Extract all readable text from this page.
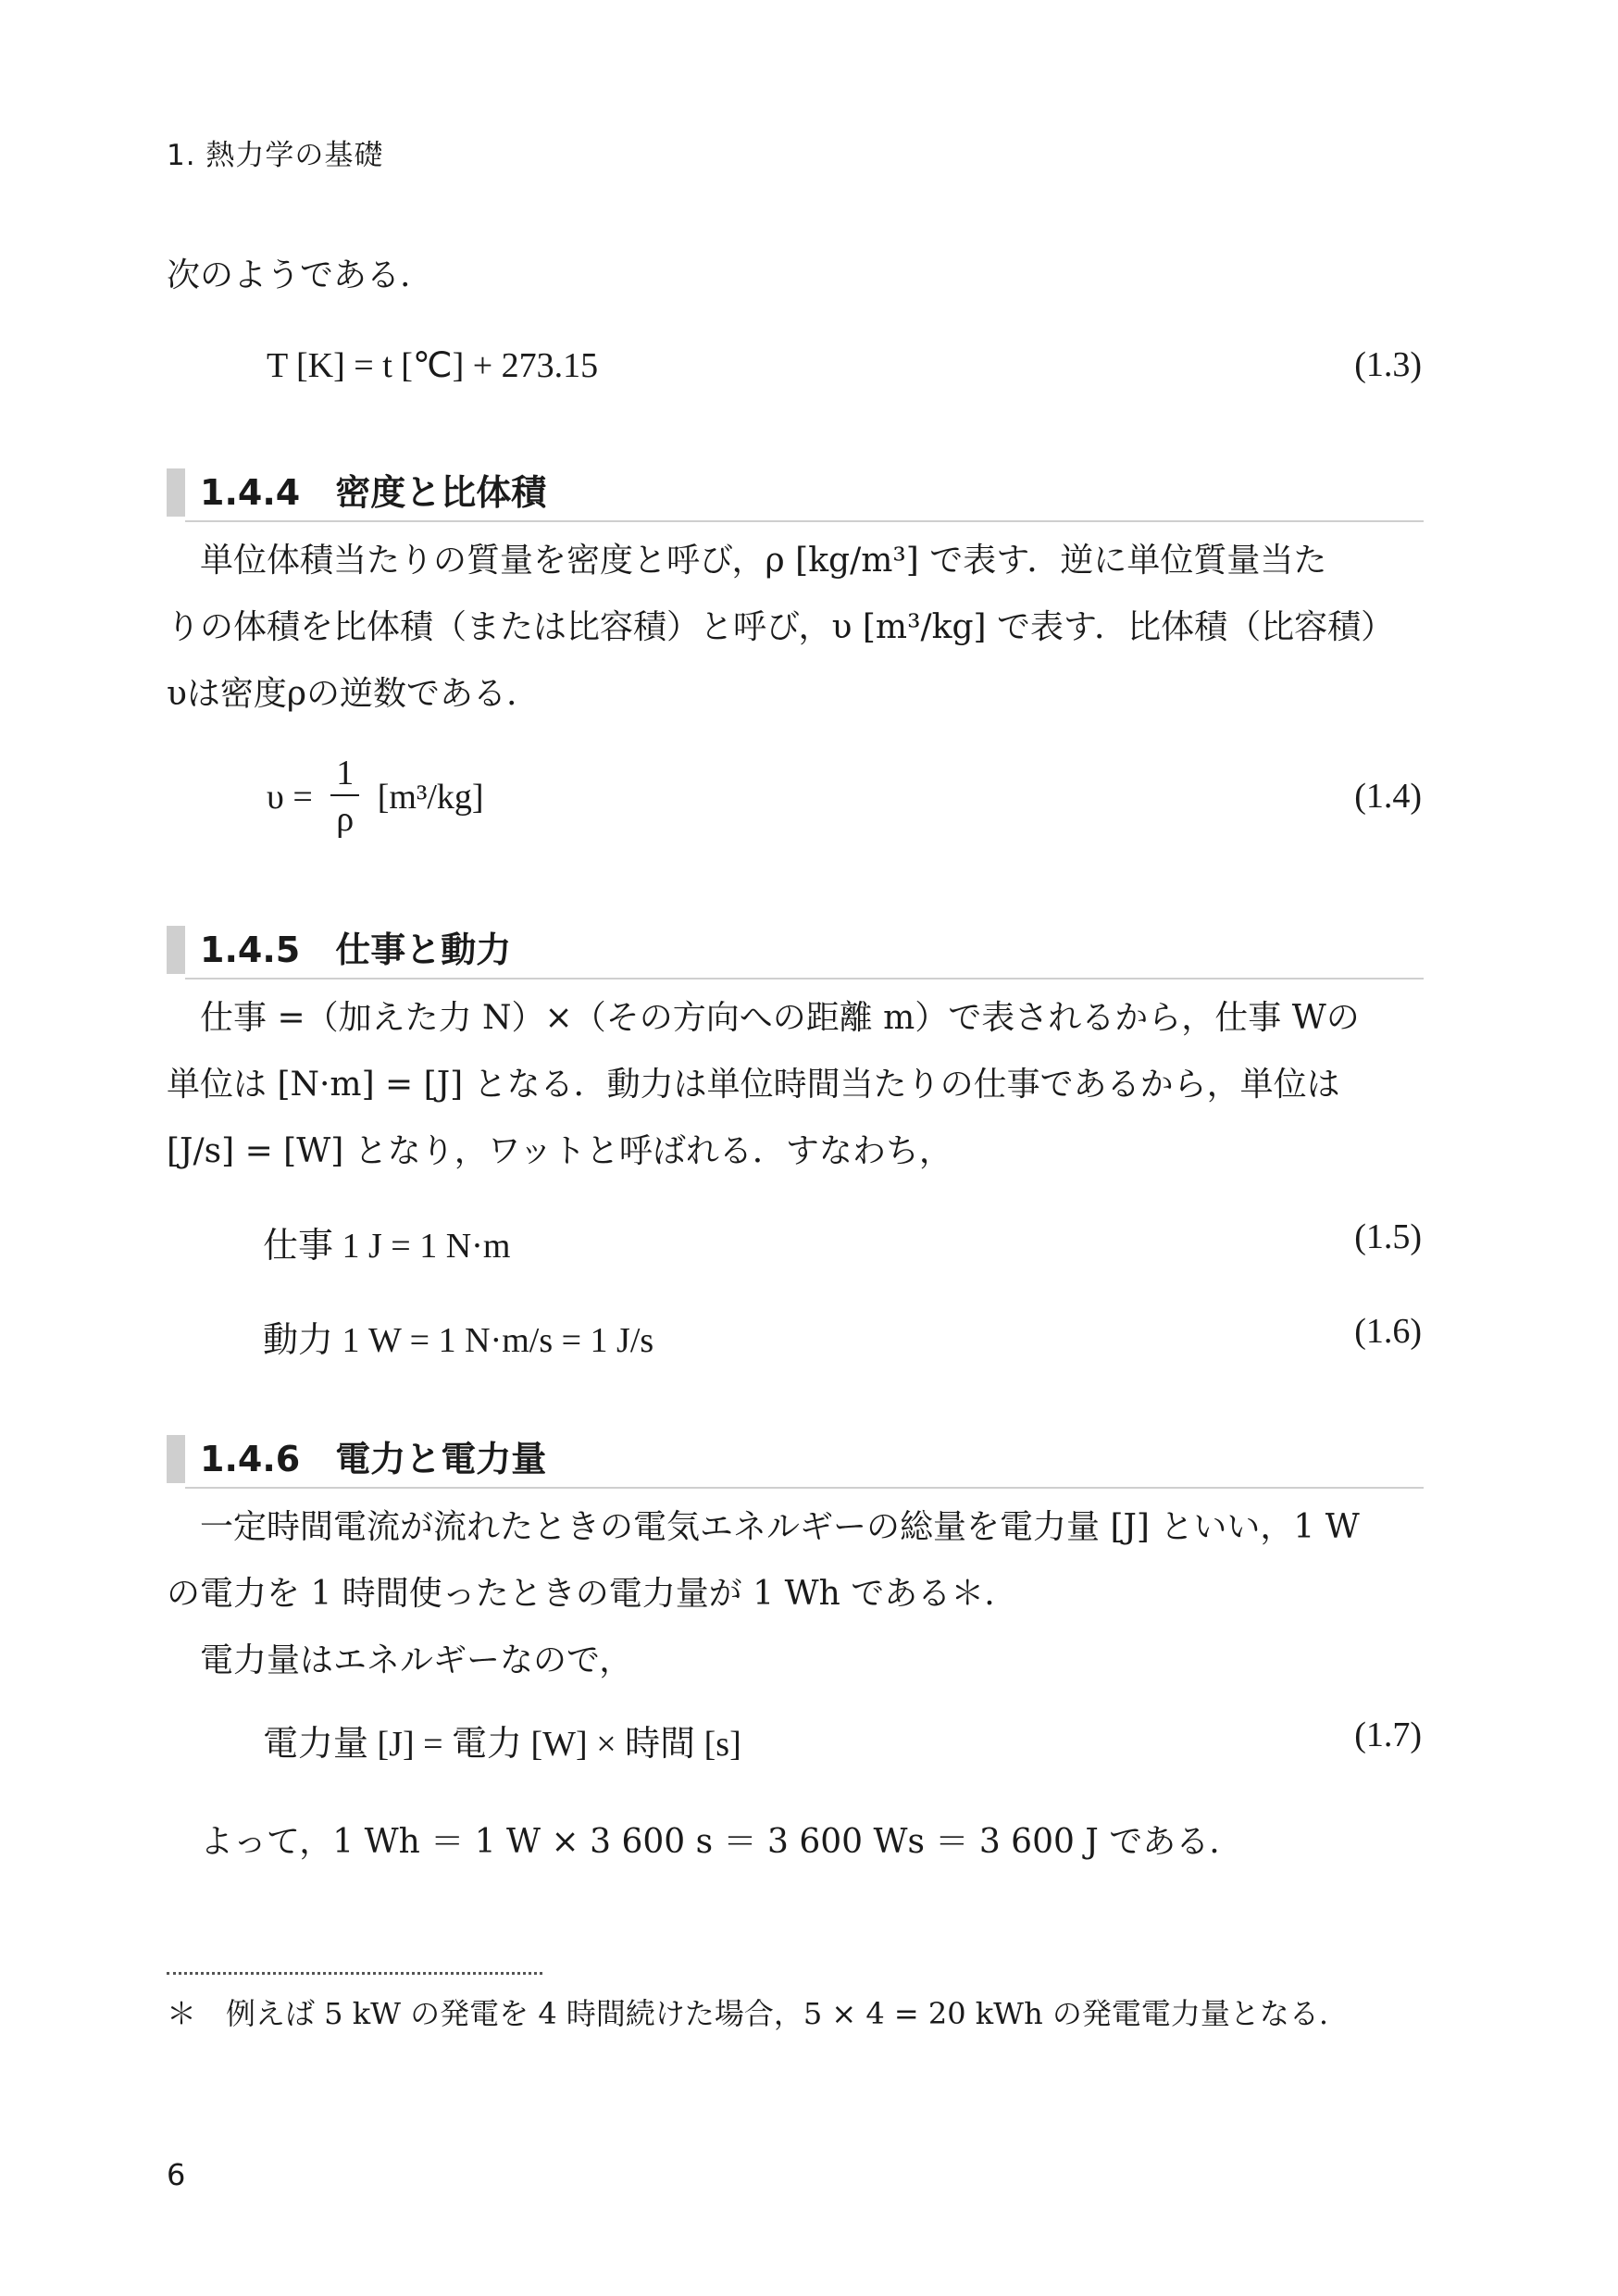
1. 熱力学の基礎
次のようである.
T [K] = t [℃] + 273.15	(1.3)
1.4.4　密度と比体積
　単位体積当たりの質量を密度と呼び，ρ [kg/m³] で表す．逆に単位質量当た
りの体積を比体積（または比容積）と呼び，υ [m³/kg] で表す．比体積（比容積）
υは密度ρの逆数である.
$\upsilon = \frac{1}{\rho} [m^3/kg]$	(1.4)
1.4.5　仕事と動力
　仕事 =（加えた力 N）×（その方向への距離 m）で表されるから，仕事 Wの
単位は [N·m] = [J] となる．動力は単位時間当たりの仕事であるから，単位は
[J/s] = [W] となり，ワットと呼ばれる．すなわち，
仕事 1 J = 1 N·m	(1.5)
動力 1 W = 1 N·m/s = 1 J/s	(1.6)
1.4.6　電力と電力量
　一定時間電流が流れたときの電気エネルギーの総量を電力量 [J] といい，1 W
の電力を 1 時間使ったときの電力量が 1 Wh である＊.
　電力量はエネルギーなので，
電力量 [J] = 電力 [W] × 時間 [s]	(1.7)
　よって，1 Wh ＝ 1 W × 3 600 s ＝ 3 600 Ws ＝ 3 600 J である.
＊　例えば 5 kW の発電を 4 時間続けた場合，5 × 4 = 20 kWh の発電電力量となる.
6
